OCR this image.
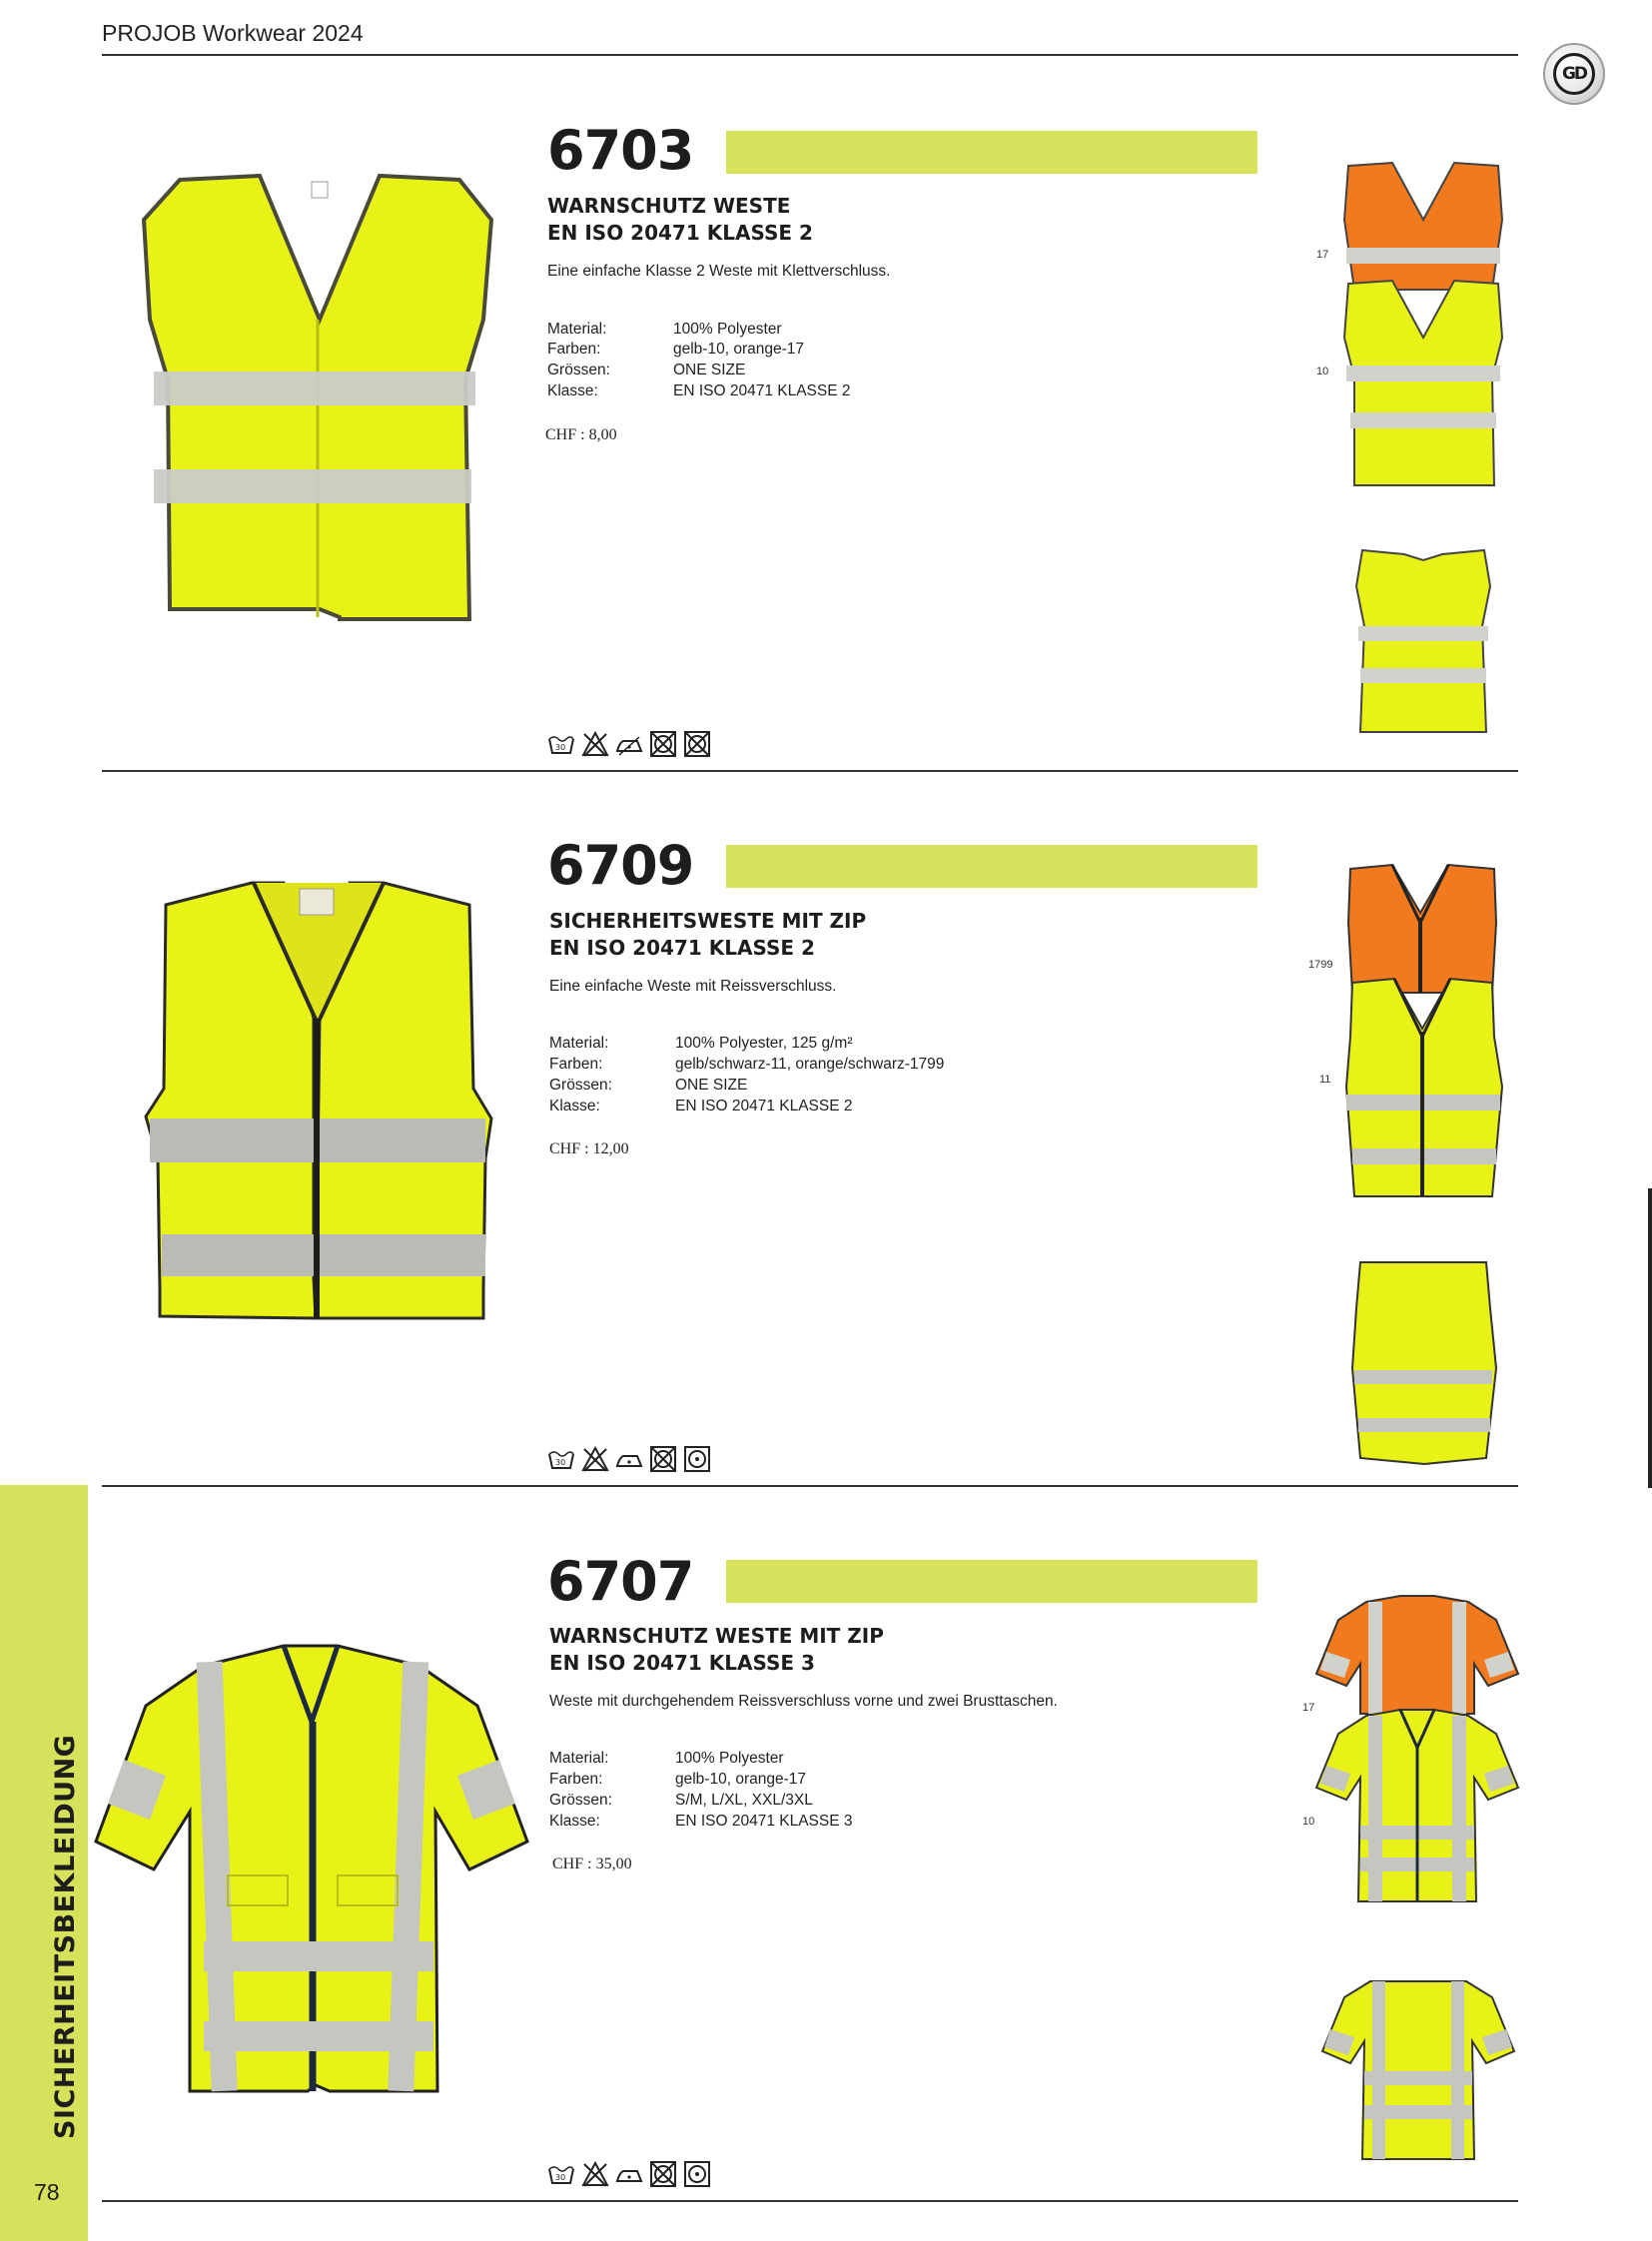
PROJOB Workwear 2024
GD
6703
WARNSCHUTZ WESTE
EN ISO 20471 KLASSE 2
Eine einfache Klasse 2 Weste mit Klettverschluss.
Material:	100% Polyester
Farben:	gelb-10, orange-17
Grössen:	ONE SIZE
Klasse:	EN ISO 20471 KLASSE 2
CHF : 8,00
17
10
30
6709
SICHERHEITSWESTE MIT ZIP
EN ISO 20471 KLASSE 2
Eine einfache Weste mit Reissverschluss.
Material:	100% Polyester, 125 g/m²
Farben:	gelb/schwarz-11, orange/schwarz-1799
Grössen:	ONE SIZE
Klasse:	EN ISO 20471 KLASSE 2
CHF : 12,00
1799
11
30
6707
WARNSCHUTZ WESTE MIT ZIP
EN ISO 20471 KLASSE 3
Weste mit durchgehendem Reissverschluss vorne und zwei Brusttaschen.
Material:	100% Polyester
Farben:	gelb-10, orange-17
Grössen:	S/M, L/XL, XXL/3XL
Klasse:	EN ISO 20471 KLASSE 3
CHF : 35,00
17
10
30
SICHERHEITSBEKLEIDUNG
78
